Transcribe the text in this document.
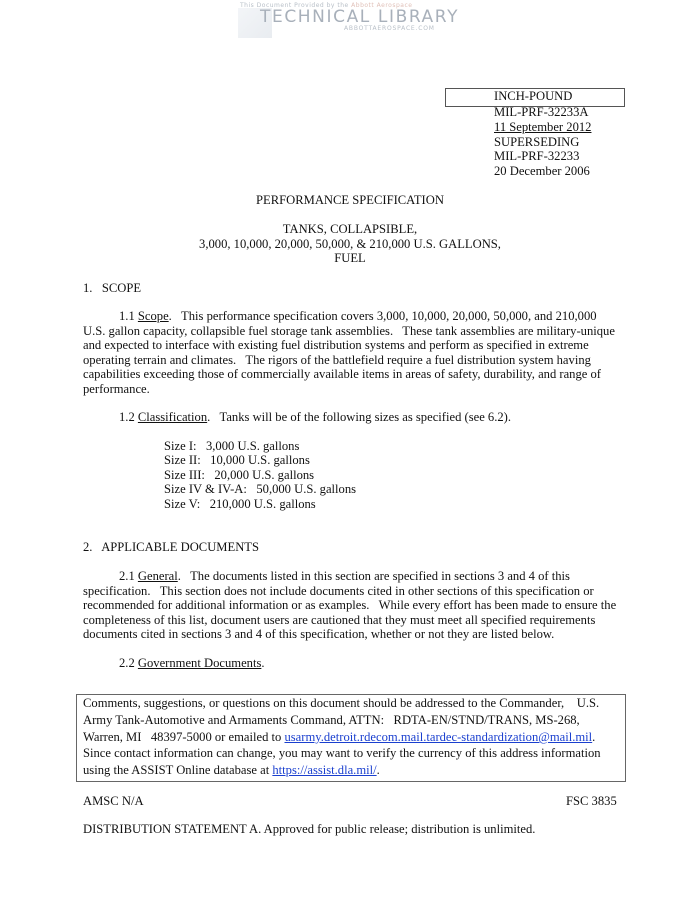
This Document Provided by the Abbott Aerospace
TECHNICAL LIBRARY
ABBOTTAEROSPACE.COM
INCH-POUND
MIL-PRF-32233A
11 September 2012
SUPERSEDING
MIL-PRF-32233
20 December 2006
PERFORMANCE SPECIFICATION
TANKS, COLLAPSIBLE,
3,000, 10,000, 20,000, 50,000, & 210,000 U.S. GALLONS,
FUEL
1.   SCOPE
1.1 Scope.   This performance specification covers 3,000, 10,000, 20,000, 50,000, and 210,000
U.S. gallon capacity, collapsible fuel storage tank assemblies.   These tank assemblies are military-unique
and expected to interface with existing fuel distribution systems and perform as specified in extreme
operating terrain and climates.   The rigors of the battlefield require a fuel distribution system having
capabilities exceeding those of commercially available items in areas of safety, durability, and range of
performance.
1.2 Classification.   Tanks will be of the following sizes as specified (see 6.2).
Size I:   3,000 U.S. gallons
Size II:   10,000 U.S. gallons
Size III:   20,000 U.S. gallons
Size IV & IV-A:   50,000 U.S. gallons
Size V:   210,000 U.S. gallons
2.   APPLICABLE DOCUMENTS
2.1 General.   The documents listed in this section are specified in sections 3 and 4 of this
specification.   This section does not include documents cited in other sections of this specification or
recommended for additional information or as examples.   While every effort has been made to ensure the
completeness of this list, document users are cautioned that they must meet all specified requirements
documents cited in sections 3 and 4 of this specification, whether or not they are listed below.
2.2 Government Documents.
Comments, suggestions, or questions on this document should be addressed to the Commander,    U.S.
Army Tank-Automotive and Armaments Command, ATTN:   RDTA-EN/STND/TRANS, MS-268,
Warren, MI   48397-5000 or emailed to usarmy.detroit.rdecom.mail.tardec-standardization@mail.mil.
Since contact information can change, you may want to verify the currency of this address information
using the ASSIST Online database at https://assist.dla.mil/.
AMSC N/A	FSC 3835
DISTRIBUTION STATEMENT A. Approved for public release; distribution is unlimited.
